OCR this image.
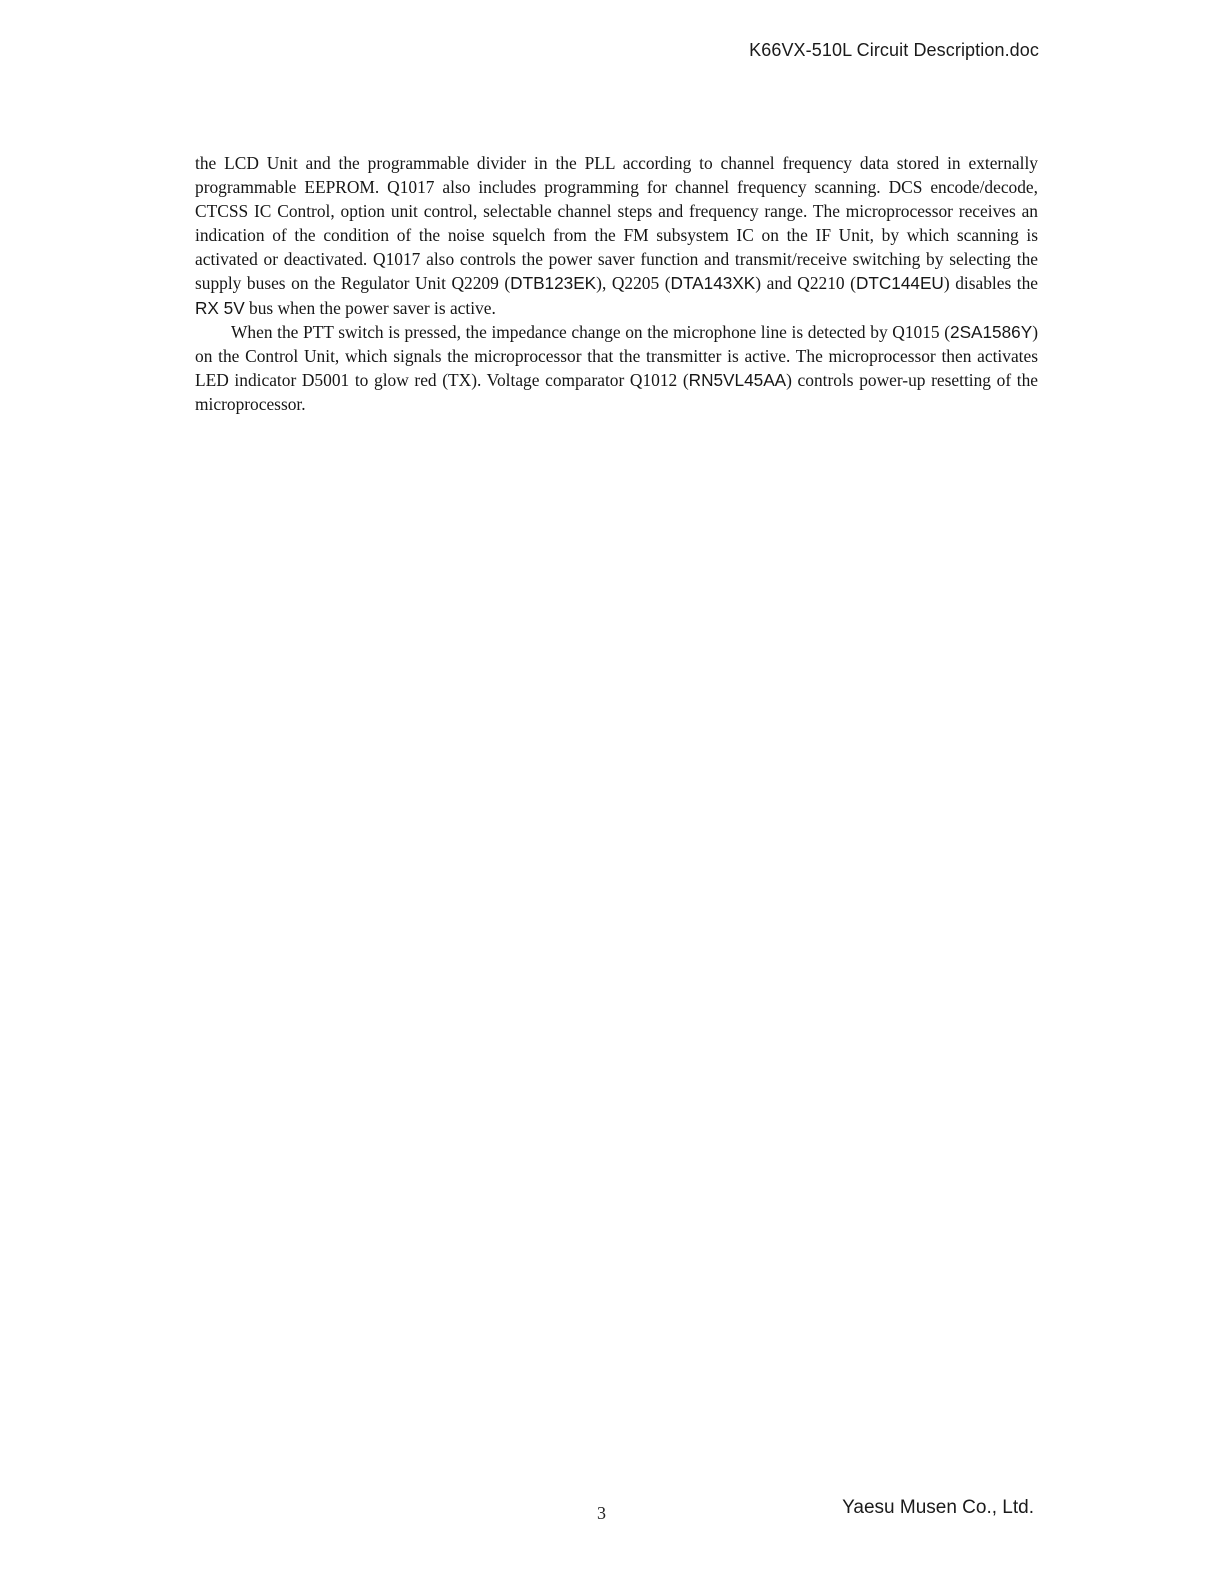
K66VX-510L Circuit Description.doc

the LCD Unit and the programmable divider in the PLL according to channel frequency data stored in externally programmable EEPROM. Q1017 also includes programming for channel frequency scanning. DCS encode/decode, CTCSS IC Control, option unit control, selectable channel steps and frequency range. The microprocessor receives an indication of the condition of the noise squelch from the FM subsystem IC on the IF Unit, by which scanning is activated or deactivated. Q1017 also controls the power saver function and transmit/receive switching by selecting the supply buses on the Regulator Unit Q2209 (DTB123EK), Q2205 (DTA143XK) and Q2210 (DTC144EU) disables the RX 5V bus when the power saver is active.

When the PTT switch is pressed, the impedance change on the microphone line is detected by Q1015 (2SA1586Y) on the Control Unit, which signals the microprocessor that the transmitter is active. The microprocessor then activates LED indicator D5001 to glow red (TX). Voltage comparator Q1012 (RN5VL45AA) controls power-up resetting of the microprocessor.

3	Yaesu Musen Co., Ltd.
